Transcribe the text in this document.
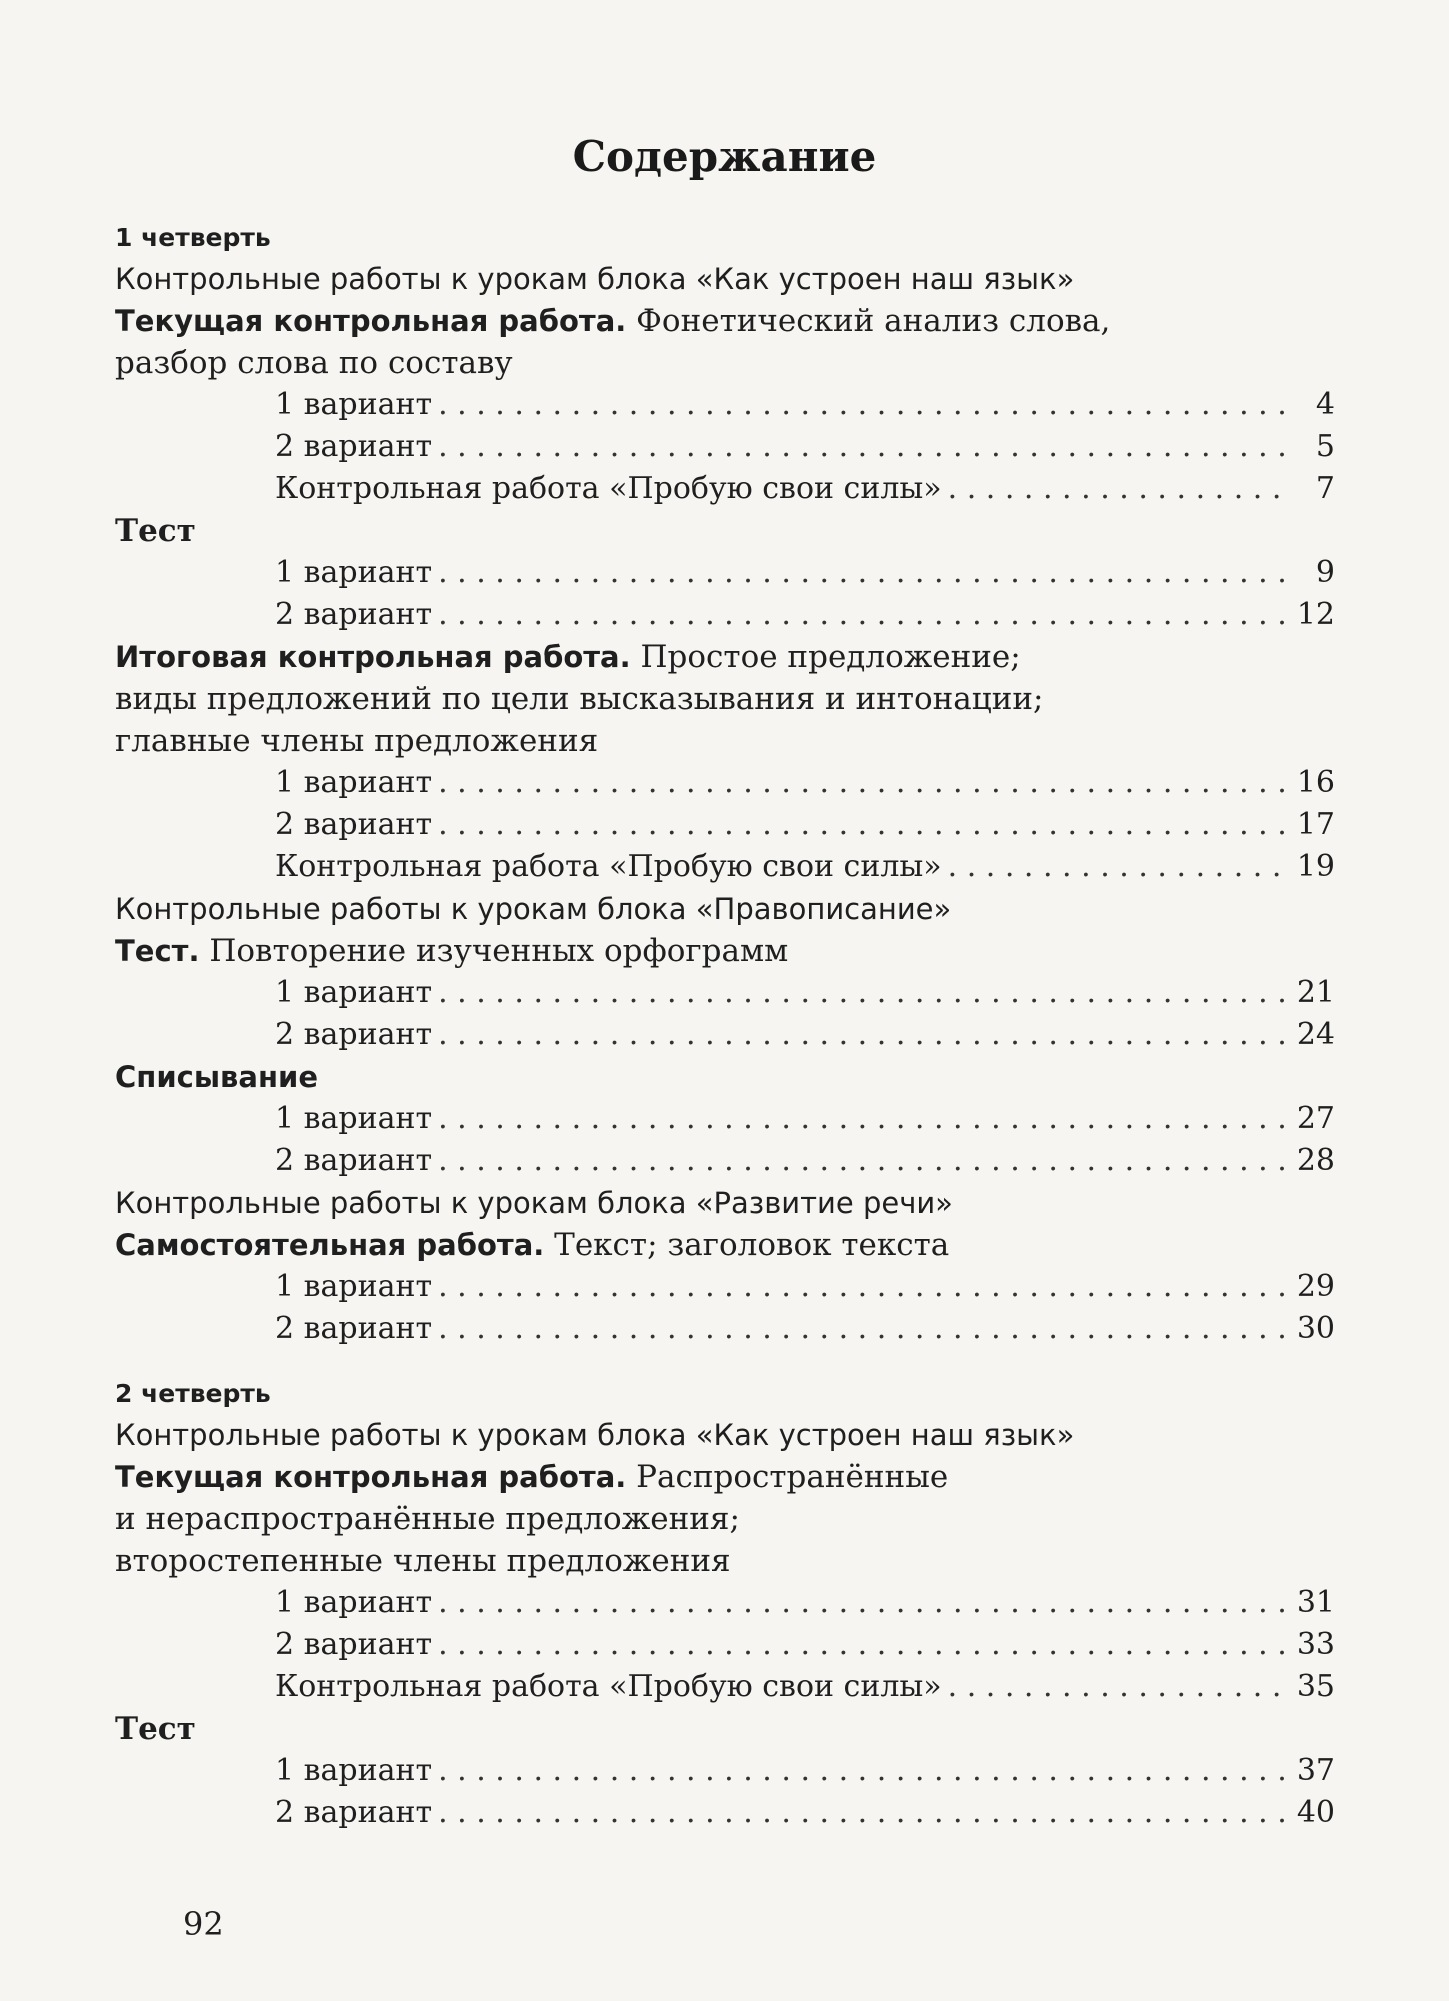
Содержание
1 четверть
Контрольные работы к урокам блока «Как устроен наш язык»
Текущая контрольная работа. Фонетический анализ слова,
разбор слова по составу
1 вариант . . .	4
2 вариант . . .	5
Контрольная работа «Пробую свои силы» . . .	7
Тест
1 вариант . . .	9
2 вариант . . .	12
Итоговая контрольная работа. Простое предложение;
виды предложений по цели высказывания и интонации;
главные члены предложения
1 вариант . . .	16
2 вариант . . .	17
Контрольная работа «Пробую свои силы» . . .	19
Контрольные работы к урокам блока «Правописание»
Тест. Повторение изученных орфограмм
1 вариант . . .	21
2 вариант . . .	24
Списывание
1 вариант . . .	27
2 вариант . . .	28
Контрольные работы к урокам блока «Развитие речи»
Самостоятельная работа. Текст; заголовок текста
1 вариант . . .	29
2 вариант . . .	30
2 четверть
Контрольные работы к урокам блока «Как устроен наш язык»
Текущая контрольная работа. Распространённые
и нераспространённые предложения;
второстепенные члены предложения
1 вариант . . .	31
2 вариант . . .	33
Контрольная работа «Пробую свои силы» . . .	35
Тест
1 вариант . . .	37
2 вариант . . .	40
92
